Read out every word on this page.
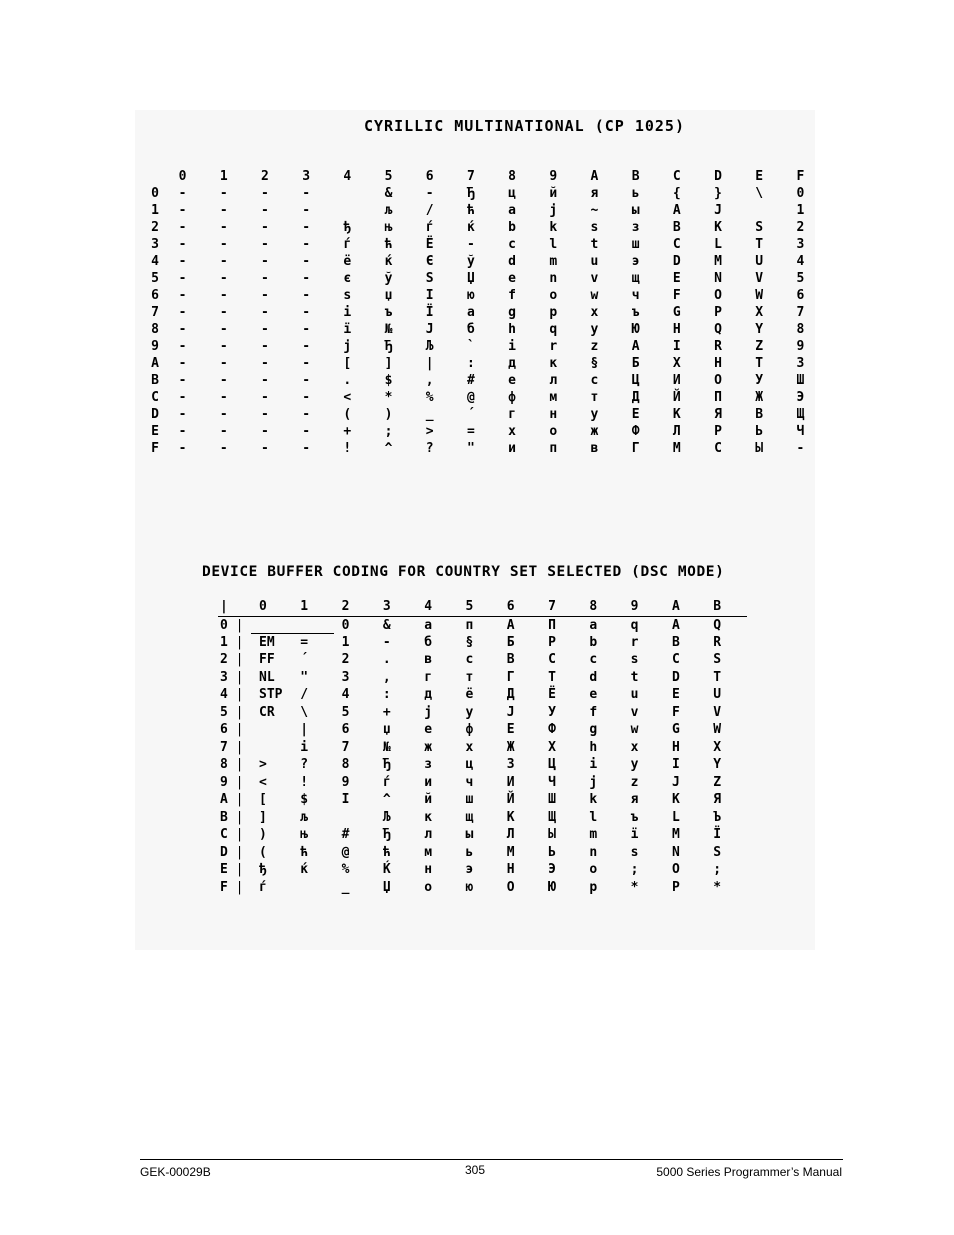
CYRILLIC MULTINATIONAL (CP 1025)
	0	1	2	3	4	5	6	7	8	9	A	B	C	D	E	F
0	-	-	-	-		&	-	Ђ	ц	й	я	ь	{	}	\	0
1	-	-	-	-		љ	/	ћ	a	j	~	ы	A	J		1
2	-	-	-	-	ђ	њ	ѓ	ќ	b	k	s	з	B	K	S	2
3	-	-	-	-	ѓ	ћ	Ё	-	c	l	t	ш	C	L	T	3
4	-	-	-	-	ё	ќ	Є	ў	d	m	u	э	D	M	U	4
5	-	-	-	-	є	ў	S	Џ	e	n	v	щ	E	N	V	5
6	-	-	-	-	s	џ	I	ю	f	o	w	ч	F	O	W	6
7	-	-	-	-	i	ъ	Ї	a	g	p	x	ъ	G	P	X	7
8	-	-	-	-	ї	№	J	б	h	q	y	Ю	H	Q	Y	8
9	-	-	-	-	j	Ђ	Љ	`	i	r	z	A	I	R	Z	9
A	-	-	-	-	[	]	|	:	д	к	§	Б	Х	Н	Т	З
B	-	-	-	-	.	$	,	#	е	л	с	Ц	И	О	У	Ш
C	-	-	-	-	<	*	%	@	ф	м	т	Д	Й	П	Ж	Э
D	-	-	-	-	(	)	_	´	г	н	у	Е	К	Я	В	Щ
E	-	-	-	-	+	;	>	=	х	о	ж	Ф	Л	Р	Ь	Ч
F	-	-	-	-	!	^	?	"	и	п	в	Г	М	С	Ы	-
DEVICE BUFFER CODING FOR COUNTRY SET SELECTED (DSC MODE)
|	0	1	2	3	4	5	6	7	8	9	A	B
0 |			0	&	а	п	А	П	a	q	A	Q
1 |	EM	=	1	-	б	§	Б	Р	b	r	B	R
2 |	FF	´	2	.	в	с	В	С	c	s	C	S
3 |	NL	"	3	,	г	т	Г	Т	d	t	D	T
4 |	STP	/	4	:	д	ё	Д	Ё	e	u	E	U
5 |	CR	\	5	+	j	у	J	У	f	v	F	V
6 |		|	6	џ	е	ф	Е	Ф	g	w	G	W
7 |		i	7	№	ж	х	Ж	Х	h	x	H	X
8 |	>	?	8	Ђ	з	ц	З	Ц	i	y	I	Y
9 |	<	!	9	ѓ	и	ч	И	Ч	j	z	J	Z
A |	[	$	I	^	й	ш	Й	Ш	k	я	K	Я
B |	]	љ		Љ	к	щ	К	Щ	l	ъ	L	Ъ
C |	)	њ	#	Ђ	л	ы	Л	Ы	m	ї	M	Ї
D |	(	ћ	@	ћ	м	ь	М	Ь	n	s	N	S
E |	ђ	ќ	%	Ќ	н	э	Н	Э	o	;	O	;
F |	ѓ		_	Џ	о	ю	О	Ю	p	*	P	*
GEK-00029B	305	5000 Series Programmer’s Manual
